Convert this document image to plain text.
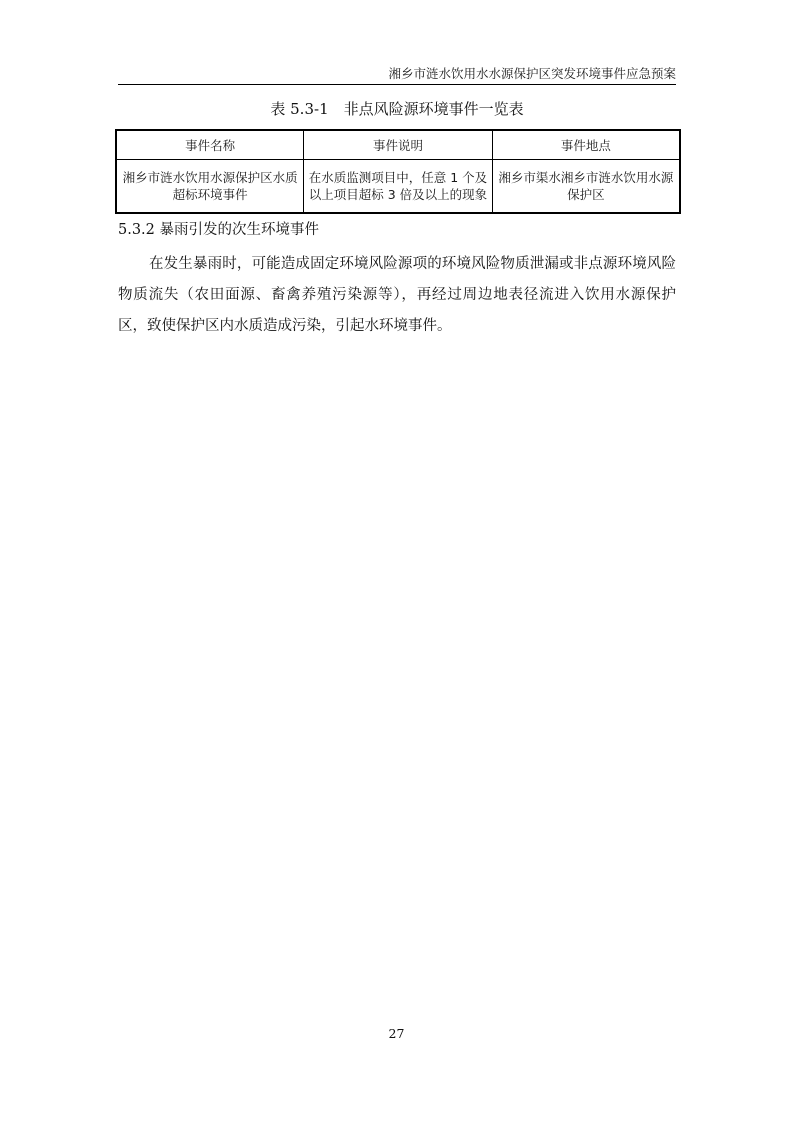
湘乡市涟水饮用水水源保护区突发环境事件应急预案
表 5.3-1　非点风险源环境事件一览表
事件名称	事件说明	事件地点
湘乡市涟水饮用水源保护区水质超标环境事件	在水质监测项目中，任意 1 个及以上项目超标 3 倍及以上的现象	湘乡市渠水湘乡市涟水饮用水源保护区
5.3.2 暴雨引发的次生环境事件

在发生暴雨时，可能造成固定环境风险源项的环境风险物质泄漏或非点源环境风险物质流失（农田面源、畜禽养殖污染源等），再经过周边地表径流进入饮用水源保护区，致使保护区内水质造成污染，引起水环境事件。

27
